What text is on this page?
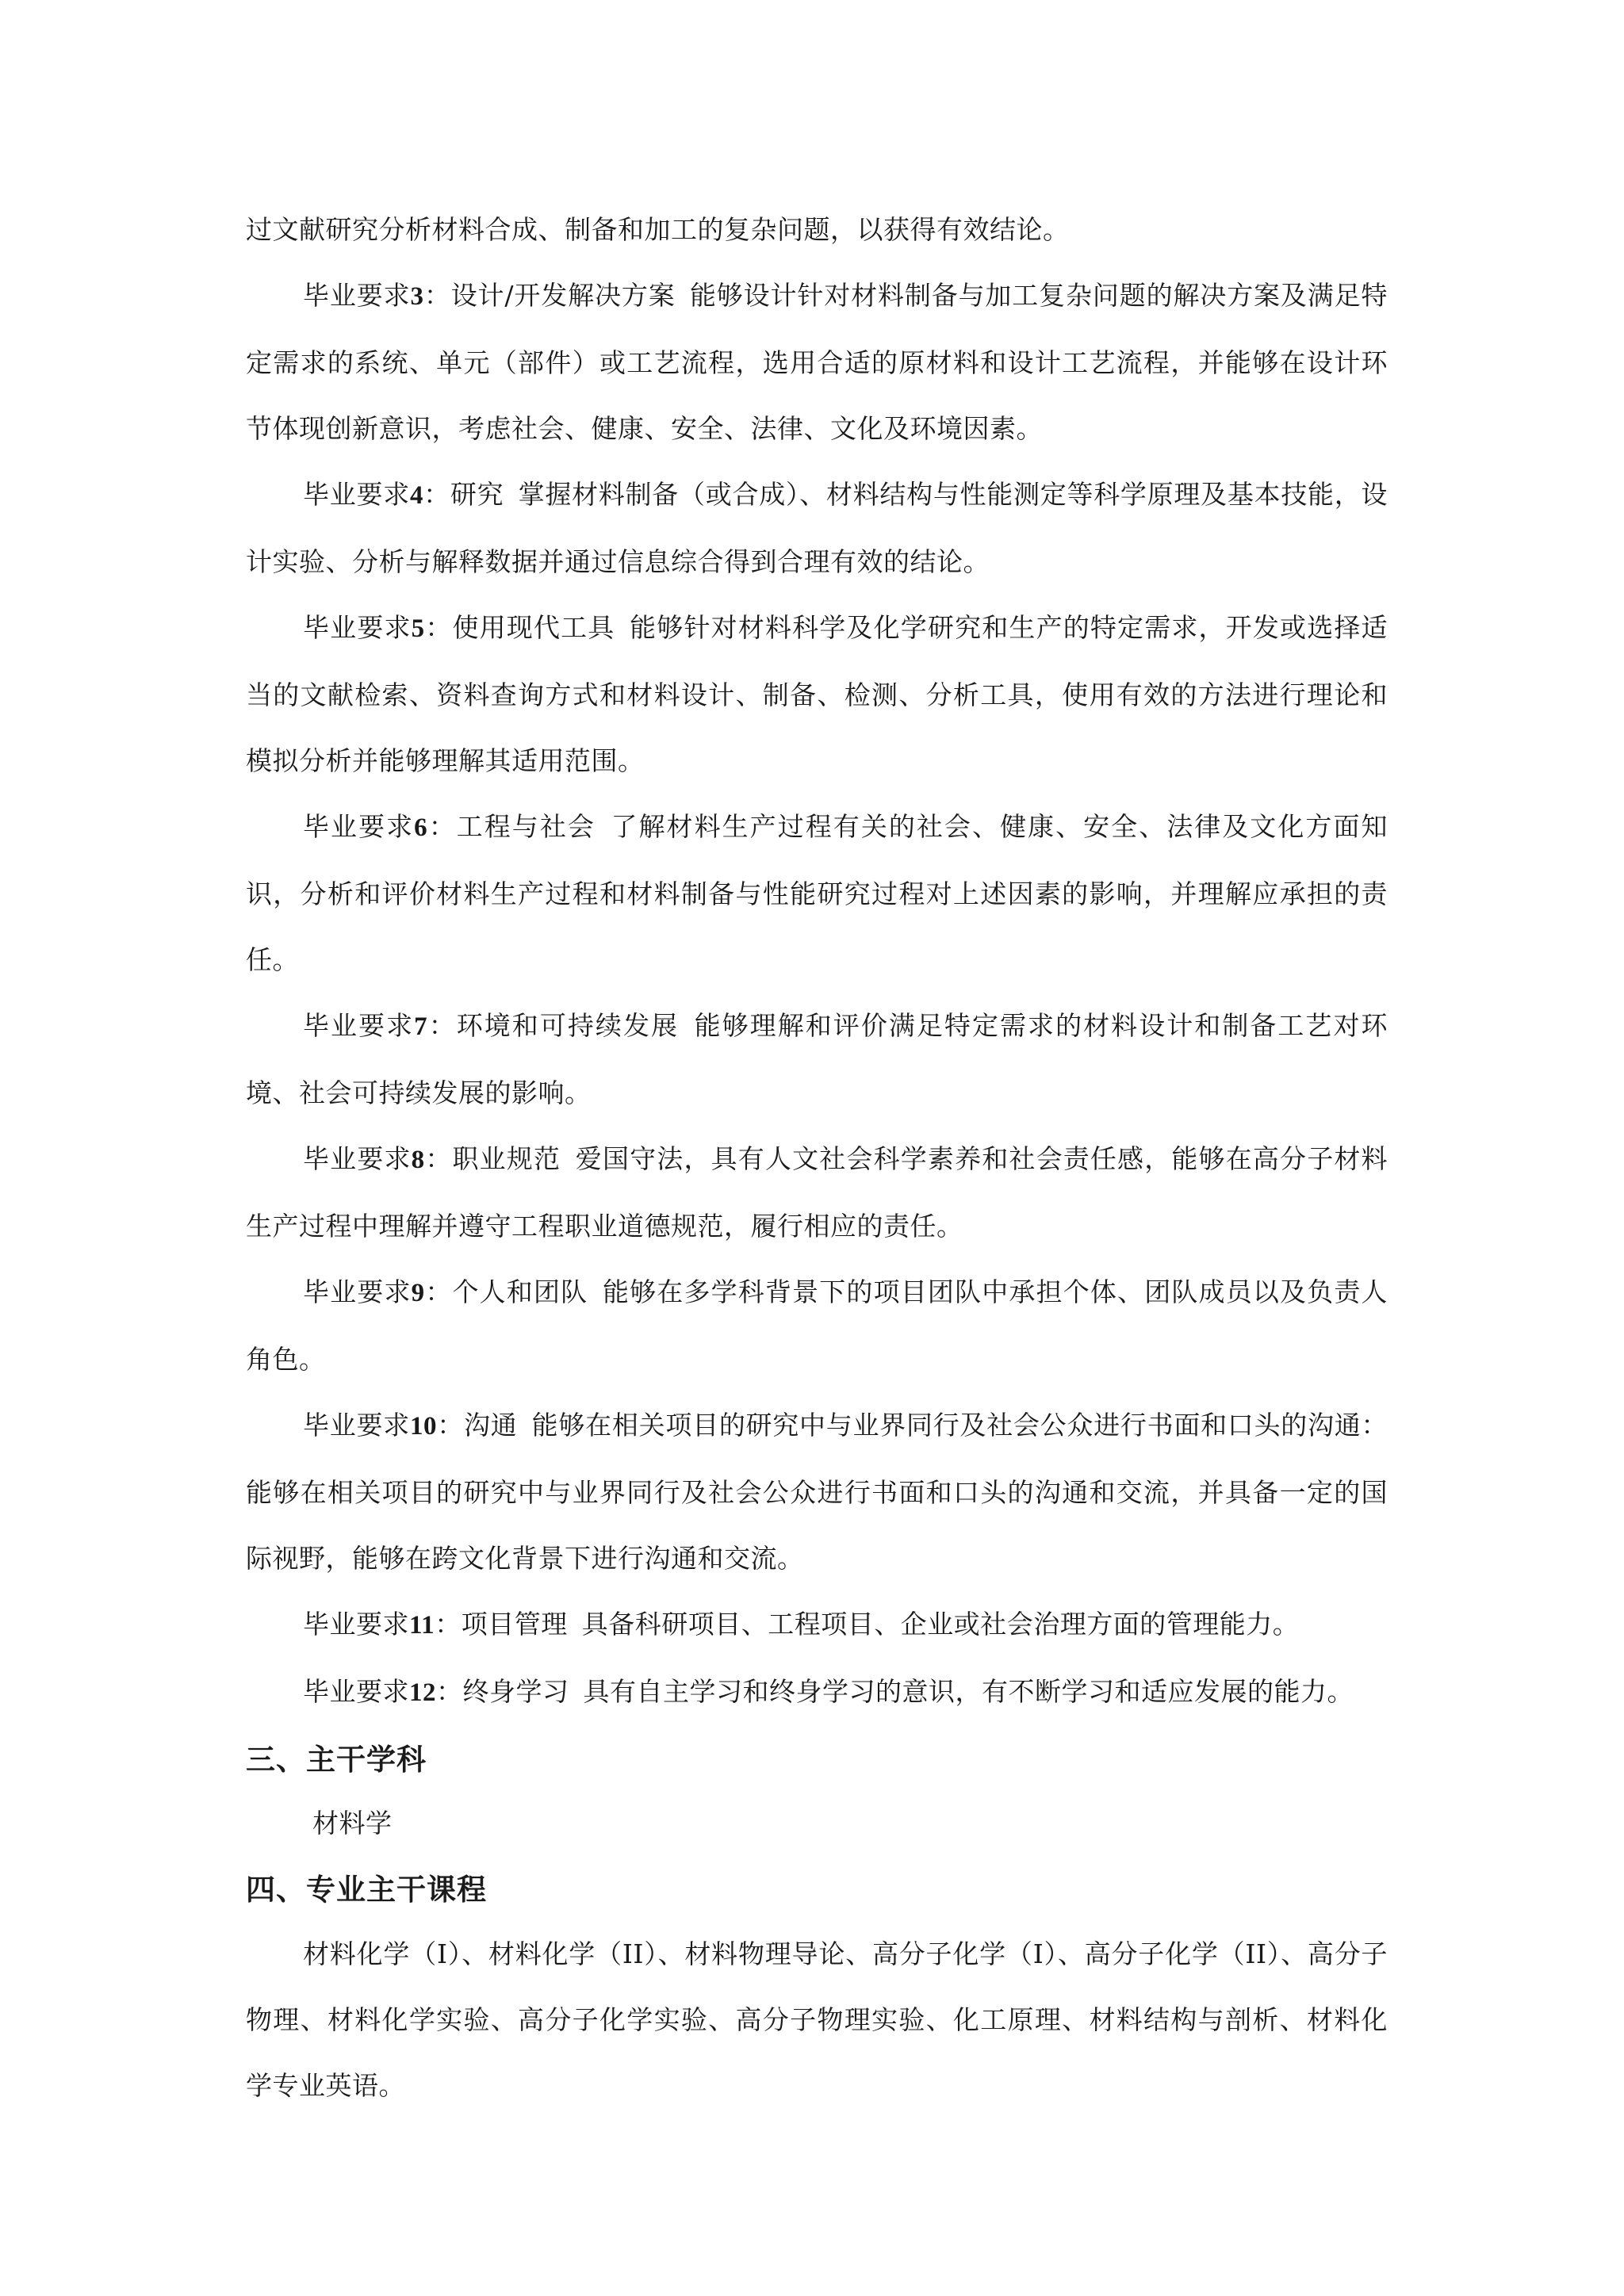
过文献研究分析材料合成、制备和加工的复杂问题，以获得有效结论。

毕业要求3：设计/开发解决方案 能够设计针对材料制备与加工复杂问题的解决方案及满足特定需求的系统、单元（部件）或工艺流程，选用合适的原材料和设计工艺流程，并能够在设计环节体现创新意识，考虑社会、健康、安全、法律、文化及环境因素。

毕业要求4：研究 掌握材料制备（或合成）、材料结构与性能测定等科学原理及基本技能，设计实验、分析与解释数据并通过信息综合得到合理有效的结论。

毕业要求5：使用现代工具 能够针对材料科学及化学研究和生产的特定需求，开发或选择适当的文献检索、资料查询方式和材料设计、制备、检测、分析工具，使用有效的方法进行理论和模拟分析并能够理解其适用范围。

毕业要求6：工程与社会 了解材料生产过程有关的社会、健康、安全、法律及文化方面知识，分析和评价材料生产过程和材料制备与性能研究过程对上述因素的影响，并理解应承担的责任。

毕业要求7：环境和可持续发展 能够理解和评价满足特定需求的材料设计和制备工艺对环境、社会可持续发展的影响。

毕业要求8：职业规范 爱国守法，具有人文社会科学素养和社会责任感，能够在高分子材料生产过程中理解并遵守工程职业道德规范，履行相应的责任。

毕业要求9：个人和团队 能够在多学科背景下的项目团队中承担个体、团队成员以及负责人角色。

毕业要求10：沟通 能够在相关项目的研究中与业界同行及社会公众进行书面和口头的沟通：能够在相关项目的研究中与业界同行及社会公众进行书面和口头的沟通和交流，并具备一定的国际视野，能够在跨文化背景下进行沟通和交流。

毕业要求11：项目管理 具备科研项目、工程项目、企业或社会治理方面的管理能力。

毕业要求12：终身学习 具有自主学习和终身学习的意识，有不断学习和适应发展的能力。

三、主干学科

材料学

四、专业主干课程

材料化学（I）、材料化学（II）、材料物理导论、高分子化学（I）、高分子化学（II）、高分子物理、材料化学实验、高分子化学实验、高分子物理实验、化工原理、材料结构与剖析、材料化学专业英语。
